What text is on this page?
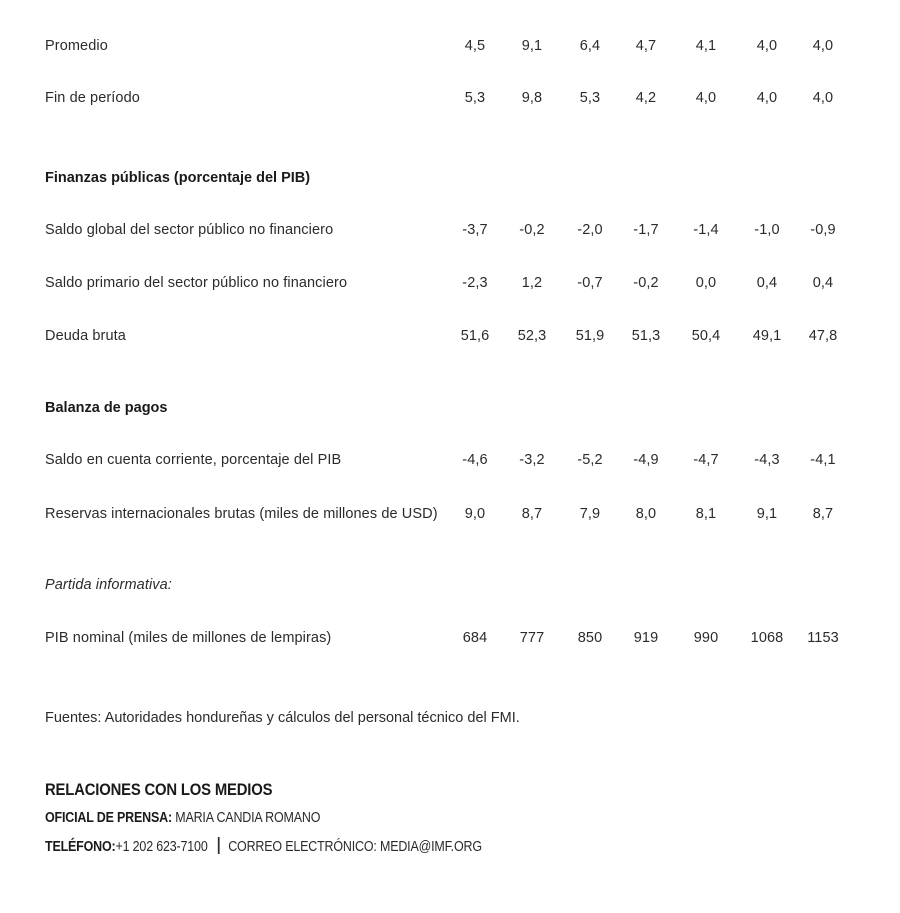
Promedio	4,5	9,1	6,4	4,7	4,1	4,0	4,0
Fin de período	5,3	9,8	5,3	4,2	4,0	4,0	4,0
Finanzas públicas (porcentaje del PIB)
Saldo global del sector público no financiero	-3,7	-0,2	-2,0	-1,7	-1,4	-1,0	-0,9
Saldo primario del sector público no financiero	-2,3	1,2	-0,7	-0,2	0,0	0,4	0,4
Deuda bruta	51,6	52,3	51,9	51,3	50,4	49,1	47,8
Balanza de pagos
Saldo en cuenta corriente, porcentaje del PIB	-4,6	-3,2	-5,2	-4,9	-4,7	-4,3	-4,1
Reservas internacionales brutas (miles de millones de USD)	9,0	8,7	7,9	8,0	8,1	9,1	8,7
Partida informativa:
PIB nominal (miles de millones de lempiras)	684	777	850	919	990	1068	1153
Fuentes: Autoridades hondureñas y cálculos del personal técnico del FMI.
RELACIONES CON LOS MEDIOS
OFICIAL DE PRENSA: MARIA CANDIA ROMANO
TELÉFONO:+1 202 623-7100 CORREO ELECTRÓNICO: MEDIA@IMF.ORG
